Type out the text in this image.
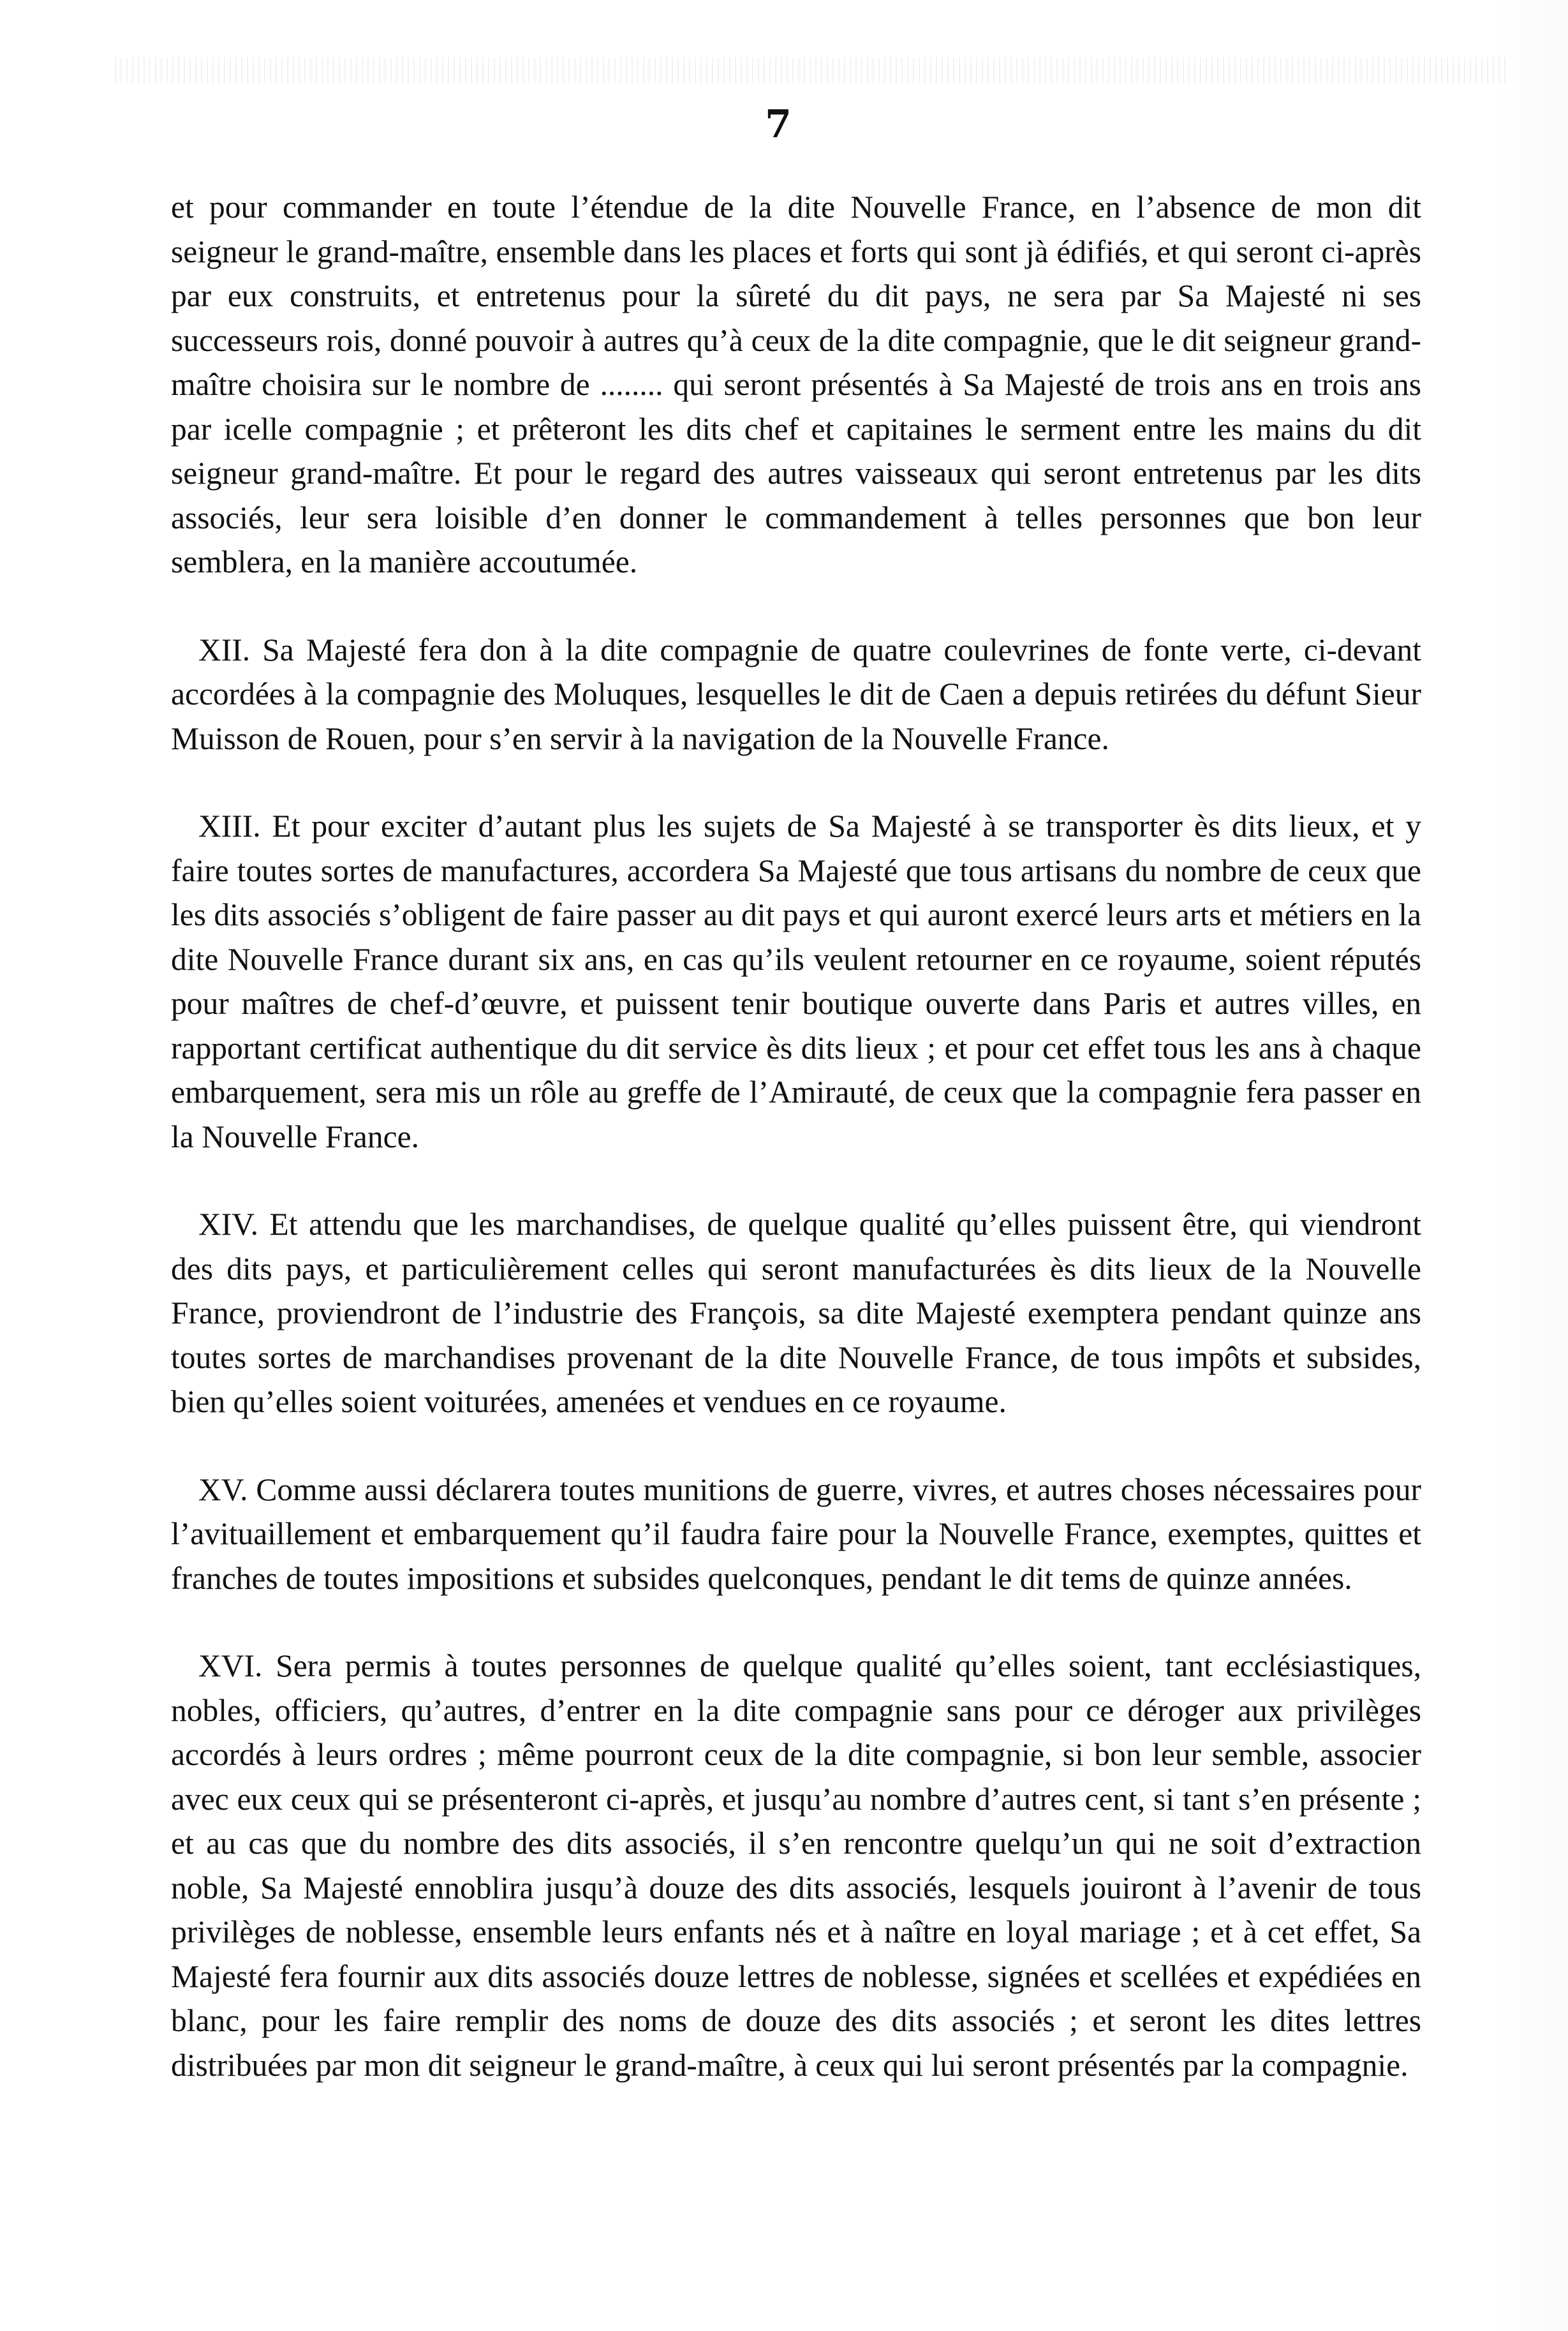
7

et pour commander en toute l’étendue de la dite Nouvelle France, en l’absence de mon dit seigneur le grand-maître, ensemble dans les places et forts qui sont jà édifiés, et qui seront ci-après par eux construits, et entretenus pour la sûreté du dit pays, ne sera par Sa Majesté ni ses successeurs rois, donné pouvoir à autres qu’à ceux de la dite compagnie, que le dit seigneur grand-maître choisira sur le nombre de ........ qui seront présentés à Sa Majesté de trois ans en trois ans par icelle compagnie ; et prêteront les dits chef et capitaines le serment entre les mains du dit seigneur grand-maître. Et pour le regard des autres vaisseaux qui seront entretenus par les dits associés, leur sera loisible d’en donner le commandement à telles personnes que bon leur semblera, en la manière accoutumée.

XII. Sa Majesté fera don à la dite compagnie de quatre coulevrines de fonte verte, ci-devant accordées à la compagnie des Moluques, lesquelles le dit de Caen a depuis retirées du défunt Sieur Muisson de Rouen, pour s’en servir à la navigation de la Nouvelle France.

XIII. Et pour exciter d’autant plus les sujets de Sa Majesté à se transporter ès dits lieux, et y faire toutes sortes de manufactures, accordera Sa Majesté que tous artisans du nombre de ceux que les dits associés s’obligent de faire passer au dit pays et qui auront exercé leurs arts et métiers en la dite Nouvelle France durant six ans, en cas qu’ils veulent retourner en ce royaume, soient réputés pour maîtres de chef-d’œuvre, et puissent tenir boutique ouverte dans Paris et autres villes, en rapportant certificat authentique du dit service ès dits lieux ; et pour cet effet tous les ans à chaque embarquement, sera mis un rôle au greffe de l’Amirauté, de ceux que la compagnie fera passer en la Nouvelle France.

XIV. Et attendu que les marchandises, de quelque qualité qu’elles puissent être, qui viendront des dits pays, et particulièrement celles qui seront manufacturées ès dits lieux de la Nouvelle France, proviendront de l’industrie des François, sa dite Majesté exemptera pendant quinze ans toutes sortes de marchandises provenant de la dite Nouvelle France, de tous impôts et subsides, bien qu’elles soient voiturées, amenées et vendues en ce royaume.

XV. Comme aussi déclarera toutes munitions de guerre, vivres, et autres choses nécessaires pour l’avituaillement et embarquement qu’il faudra faire pour la Nouvelle France, exemptes, quittes et franches de toutes impositions et subsides quelconques, pendant le dit tems de quinze années.

XVI. Sera permis à toutes personnes de quelque qualité qu’elles soient, tant ecclésiastiques, nobles, officiers, qu’autres, d’entrer en la dite compagnie sans pour ce déroger aux privilèges accordés à leurs ordres ; même pourront ceux de la dite compagnie, si bon leur semble, associer avec eux ceux qui se présenteront ci-après, et jusqu’au nombre d’autres cent, si tant s’en présente ; et au cas que du nombre des dits associés, il s’en rencontre quelqu’un qui ne soit d’extraction noble, Sa Majesté ennoblira jusqu’à douze des dits associés, lesquels jouiront à l’avenir de tous privilèges de noblesse, ensemble leurs enfants nés et à naître en loyal mariage ; et à cet effet, Sa Majesté fera fournir aux dits associés douze lettres de noblesse, signées et scellées et expédiées en blanc, pour les faire remplir des noms de douze des dits associés ; et seront les dites lettres distribuées par mon dit seigneur le grand-maître, à ceux qui lui seront présentés par la compagnie.
